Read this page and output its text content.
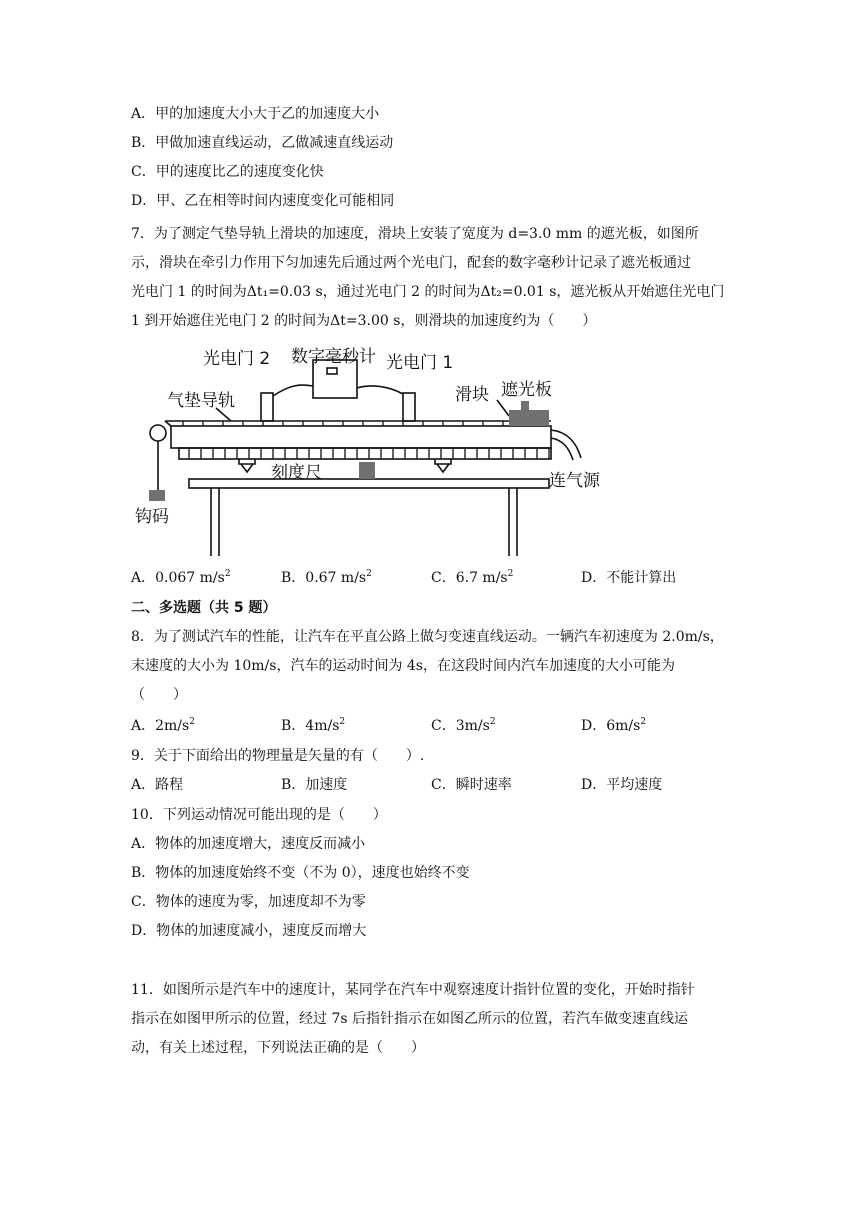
A．甲的加速度大小大于乙的加速度大小
B．甲做加速直线运动，乙做减速直线运动
C．甲的速度比乙的速度变化快
D．甲、乙在相等时间内速度变化可能相同
7．为了测定气垫导轨上滑块的加速度，滑块上安装了宽度为 d=3.0 mm 的遮光板，如图所
示，滑块在牵引力作用下匀加速先后通过两个光电门，配套的数字毫秒计记录了遮光板通过
光电门 1 的时间为Δt₁=0.03 s，通过光电门 2 的时间为Δt₂=0.01 s，遮光板从开始遮住光电门
1 到开始遮住光电门 2 的时间为Δt=3.00 s，则滑块的加速度约为（　　）
光电门 2 数字毫秒计 光电门 1
气垫导轨	滑块 遮光板
刻度尺	连气源
钩码
A．0.067 $m/s^2$	B．0.67 $m/s^2$	C．6.7 $m/s^2$	D．不能计算出
二、多选题（共 5 题）
8．为了测试汽车的性能，让汽车在平直公路上做匀变速直线运动。一辆汽车初速度为 2.0m/s，
末速度的大小为 10m/s，汽车的运动时间为 4s，在这段时间内汽车加速度的大小可能为
（　　）
A．$2m/s^2$	B．$4m/s^2$	C．$3m/s^2$	D．$6m/s^2$
9．关于下面给出的物理量是矢量的有（　　）.
A．路程	B．加速度	C．瞬时速率	D．平均速度
10．下列运动情况可能出现的是（　　）
A．物体的加速度增大，速度反而减小
B．物体的加速度始终不变（不为 0），速度也始终不变
C．物体的速度为零，加速度却不为零
D．物体的加速度减小，速度反而增大
11．如图所示是汽车中的速度计，某同学在汽车中观察速度计指针位置的变化，开始时指针
指示在如图甲所示的位置，经过 7s 后指针指示在如图乙所示的位置，若汽车做变速直线运
动，有关上述过程，下列说法正确的是（　　）
